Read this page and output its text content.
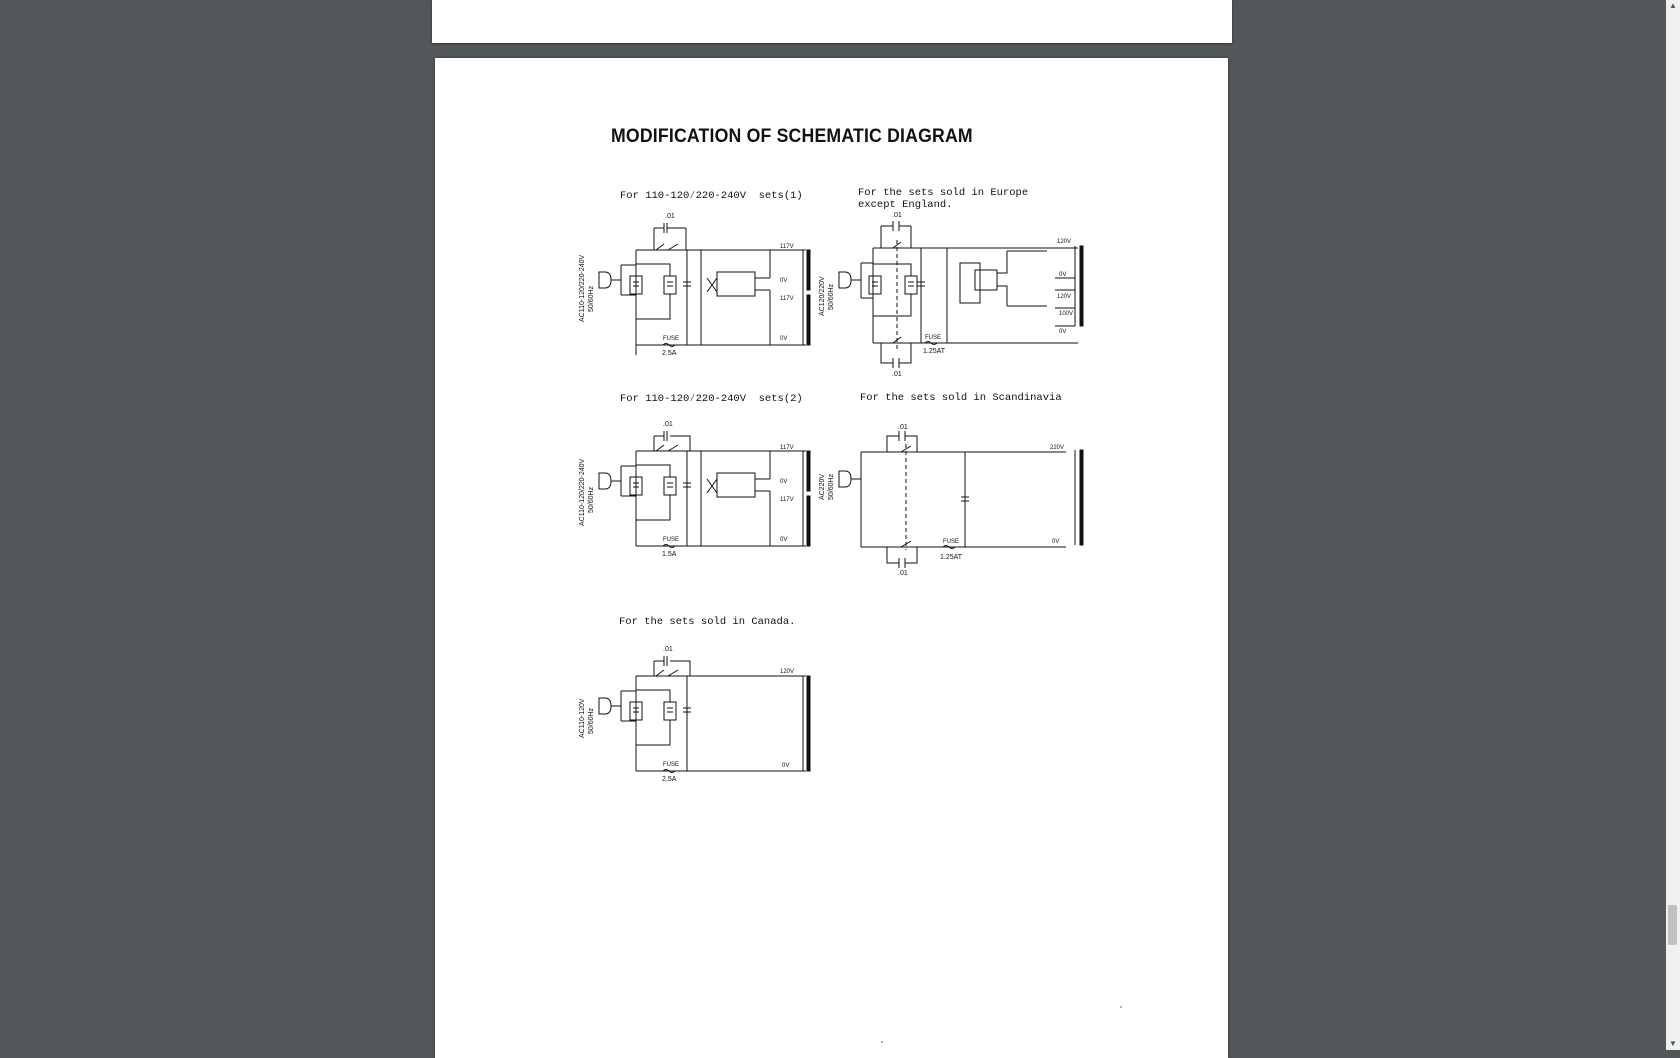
MODIFICATION OF SCHEMATIC DIAGRAM
For 110-120∕220-240V  sets(1)
AC110-120/220-240V 50/60Hz
.01
117V
0V
117V
0V
FUSE
2.5A
For the sets sold in Europe
except England.
AC120/220V 50/60Hz
.01
.01
120V
0V
120V
100V
0V
FUSE
1.25AT
For 110-120∕220-240V  sets(2)
AC110-120/220-240V 50/60Hz
.01
117V
0V
117V
0V
FUSE
1.5A
For the sets sold in Scandinavia
AC220V 50/60Hz
.01
.01
220V
0V
FUSE
1.25AT
For the sets sold in Canada.
AC110-120V 50/60Hz
.01
120V
0V
FUSE
2.5A
▲
▼
